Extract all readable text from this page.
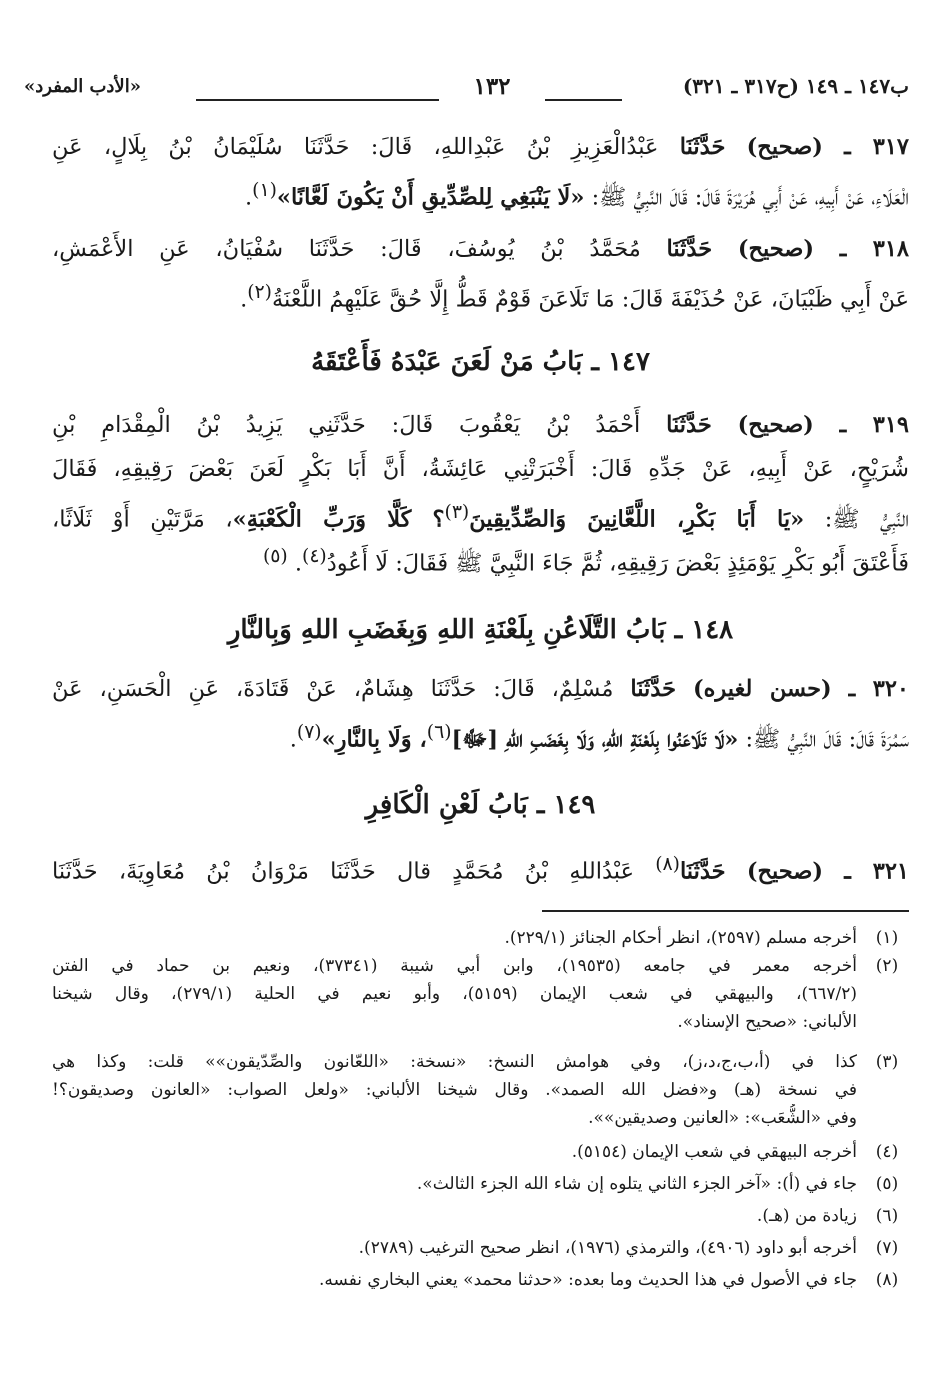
ب١٤٧ ـ ١٤٩ (ح٣١٧ ـ ٣٢١)
١٣٢
«الأدب المفرد»
٣١٧ ـ (صحيح) حَدَّثَنَا عَبْدُالْعَزِيزِ بْنُ عَبْدِاللهِ، قَالَ: حَدَّثَنَا سُلَيْمَانُ بْنُ بِلَالٍ، عَنِ
الْعَلَاءِ، عَنْ أَبِيهِ، عَنْ أَبِي هُرَيْرَةَ قَالَ: قَالَ النَّبِيُّ ﷺ: «لَا يَنْبَغِي لِلصِّدِّيقِ أَنْ يَكُونَ لَعَّانًا»$^{(١)}$.
٣١٨ ـ (صحيح) حَدَّثَنَا مُحَمَّدُ بْنُ يُوسُفَ، قَالَ: حَدَّثَنَا سُفْيَانُ، عَنِ الأَعْمَشِ،
عَنْ أَبِي ظَبْيَانَ، عَنْ حُذَيْفَةَ قَالَ: مَا تَلَاعَنَ قَوْمٌ قَطُّ إِلَّا حُقَّ عَلَيْهِمُ اللَّعْنَةُ$^{(٢)}$.
١٤٧ ـ بَابُ مَنْ لَعَنَ عَبْدَهُ فَأَعْتَقَهُ
٣١٩ ـ (صحيح) حَدَّثَنَا أَحْمَدُ بْنُ يَعْقُوبَ قَالَ: حَدَّثَنِي يَزِيدُ بْنُ الْمِقْدَامِ بْنِ
شُرَيْحٍ، عَنْ أَبِيهِ، عَنْ جَدِّهِ قَالَ: أَخْبَرَتْنِي عَائِشَةُ، أَنَّ أَبَا بَكْرٍ لَعَنَ بَعْضَ رَقِيقِهِ، فَقَالَ
النَّبِيُّ ﷺ: «يَا أَبَا بَكْرٍ، اللَّعَّانِينَ وَالصِّدِّيقِينَ$^{(٣)}$؟ كَلَّا وَرَبِّ الْكَعْبَةِ»، مَرَّتَيْنِ أَوْ ثَلَاثًا،
فَأَعْتَقَ أَبُو بَكْرٍ يَوْمَئِذٍ بَعْضَ رَقِيقِهِ، ثُمَّ جَاءَ النَّبِيَّ ﷺ فَقَالَ: لَا أَعُودُ$^{(٤)}$. $^{(٥)}$
١٤٨ ـ بَابُ التَّلَاعُنِ بِلَعْنَةِ اللهِ وَبِغَضَبِ اللهِ وَبِالنَّارِ
٣٢٠ ـ (حسن لغيره) حَدَّثَنَا مُسْلِمٌ، قَالَ: حَدَّثَنَا هِشَامٌ، عَنْ قَتَادَةَ، عَنِ الْحَسَنِ، عَنْ
سَمُرَةَ قَالَ: قَالَ النَّبِيُّ ﷺ: «لَا تَلَاعَنُوا بِلَعْنَةِ اللهِ، وَلَا بِغَضَبِ اللهِ [ﷻ]$^{(٦)}$، وَلَا بِالنَّارِ»$^{(٧)}$.
١٤٩ ـ بَابُ لَعْنِ الْكَافِرِ
٣٢١ ـ (صحيح) حَدَّثَنَا$^{(٨)}$ عَبْدُاللهِ بْنُ مُحَمَّدٍ قال حَدَّثَنَا مَرْوَانُ بْنُ مُعَاوِيَةَ، حَدَّثَنَا
(١)
أخرجه مسلم (٢٥٩٧)، انظر أحكام الجنائز (٢٢٩/١).
(٢)
أخرجه معمر في جامعه (١٩٥٣٥)، وابن أبي شيبة (٣٧٣٤١)، ونعيم بن حماد في الفتن
(٦٦٧/٢)، والبيهقي في شعب الإيمان (٥١٥٩)، وأبو نعيم في الحلية (٢٧٩/١)، وقال شيخنا
الألباني: «صحيح الإسناد».
(٣)
كذا في (أ،ب،ج،د،ز)، وفي هوامش النسخ: «نسخة: «اللعّانون والصِّدّيقون»» قلت: وكذا هي
في نسخة (هـ) و«فضل الله الصمد». وقال شيخنا الألباني: «ولعل الصواب: «العانون وصديقون؟!
وفي «الشُّعَب»: «العانين وصديقين»».
(٤)
أخرجه البيهقي في شعب الإيمان (٥١٥٤).
(٥)
جاء في (أ): «آخر الجزء الثاني يتلوه إن شاء الله الجزء الثالث».
(٦)
زيادة من (هـ).
(٧)
أخرجه أبو داود (٤٩٠٦)، والترمذي (١٩٧٦)، انظر صحيح الترغيب (٢٧٨٩).
(٨)
جاء في الأصول في هذا الحديث وما بعده: «حدثنا محمد» يعني البخاري نفسه.
